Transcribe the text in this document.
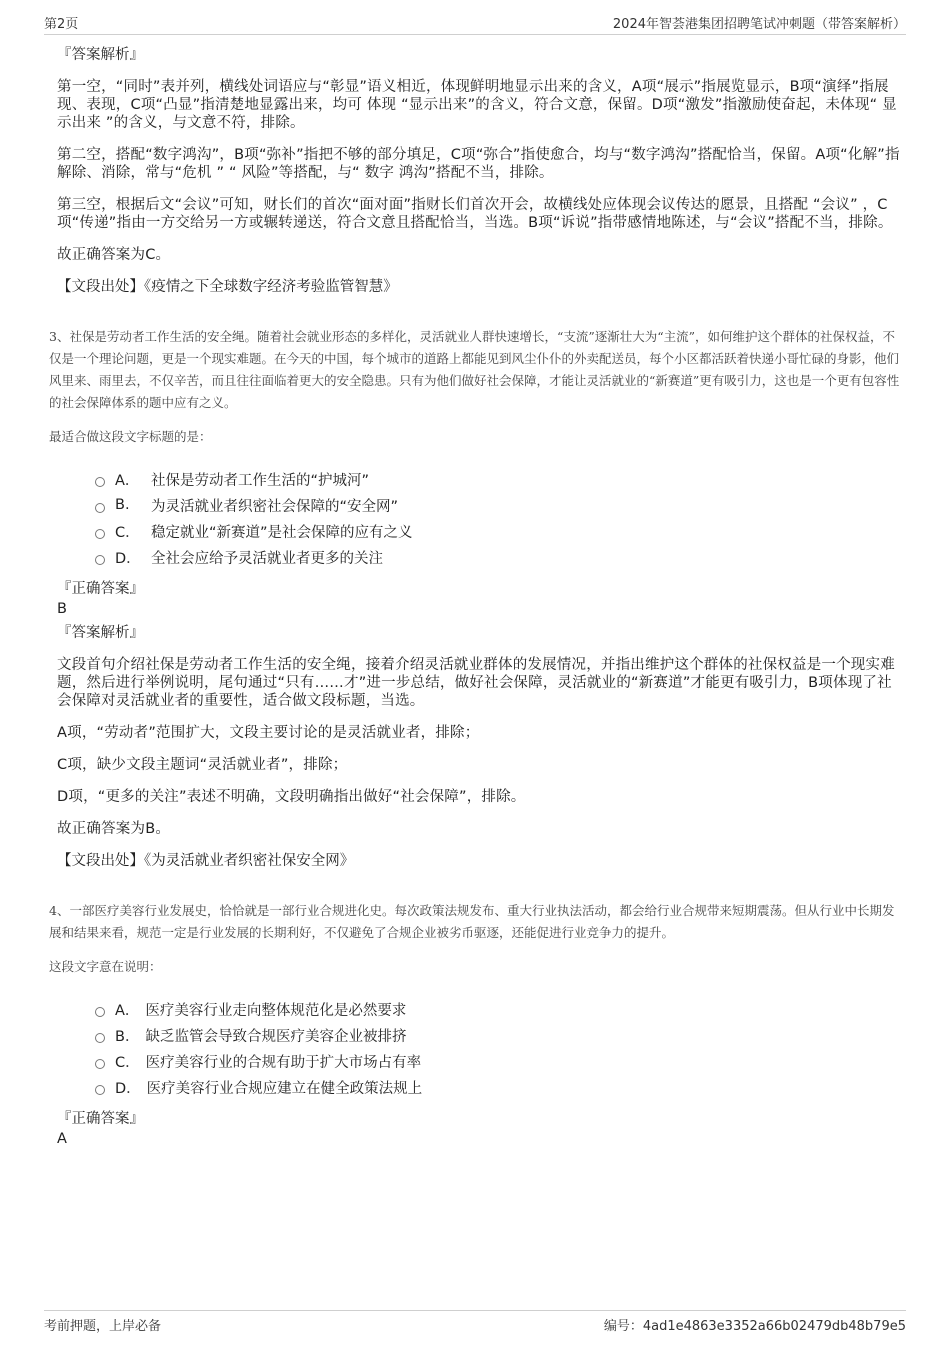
第2页	2024年智荟港集团招聘笔试冲刺题（带答案解析）

『答案解析』

第一空，“同时”表并列，横线处词语应与“彰显”语义相近，体现鲜明地显示出来的含义，A项“展示”指展览显示，B项“演绎”指展现、表现，C项“凸显”指清楚地显露出来，均可 体现 “显示出来”的含义，符合文意，保留。D项“激发”指激励使奋起，未体现“ 显示出来 ”的含义，与文意不符，排除。

第二空，搭配“数字鸿沟”，B项“弥补”指把不够的部分填足，C项“弥合”指使愈合，均与“数字鸿沟”搭配恰当，保留。A项“化解”指解除、消除，常与“危机 ” “ 风险”等搭配，与“ 数字 鸿沟”搭配不当，排除。

第三空，根据后文“会议”可知，财长们的首次“面对面”指财长们首次开会，故横线处应体现会议传达的愿景，且搭配 “会议” ，C项“传递”指由一方交给另一方或辗转递送，符合文意且搭配恰当，当选。B项“诉说”指带感情地陈述，与“会议”搭配不当，排除。

故正确答案为C。

【文段出处】《疫情之下全球数字经济考验监管智慧》

3、社保是劳动者工作生活的安全绳。随着社会就业形态的多样化，灵活就业人群快速增长，“支流”逐渐壮大为“主流”，如何维护这个群体的社保权益，不仅是一个理论问题，更是一个现实难题。在今天的中国，每个城市的道路上都能见到风尘仆仆的外卖配送员，每个小区都活跃着快递小哥忙碌的身影，他们风里来、雨里去，不仅辛苦，而且往往面临着更大的安全隐患。只有为他们做好社会保障，才能让灵活就业的“新赛道”更有吸引力，这也是一个更有包容性的社会保障体系的题中应有之义。

最适合做这段文字标题的是：

A． 社保是劳动者工作生活的“护城河”
B.	为灵活就业者织密社会保障的“安全网”
C． 稳定就业“新赛道”是社会保障的应有之义
D． 全社会应给予灵活就业者更多的关注

『正确答案』

B

『答案解析』

文段首句介绍社保是劳动者工作生活的安全绳，接着介绍灵活就业群体的发展情况，并指出维护这个群体的社保权益是一个现实难题，然后进行举例说明，尾句通过“只有……才”进一步总结，做好社会保障，灵活就业的“新赛道”才能更有吸引力，B项体现了社会保障对灵活就业者的重要性，适合做文段标题，当选。

A项，“劳动者”范围扩大，文段主要讨论的是灵活就业者，排除；

C项，缺少文段主题词“灵活就业者”，排除；

D项，“更多的关注”表述不明确，文段明确指出做好“社会保障”，排除。

故正确答案为B。

【文段出处】《为灵活就业者织密社保安全网》

4、一部医疗美容行业发展史，恰恰就是一部行业合规进化史。每次政策法规发布、重大行业执法活动，都会给行业合规带来短期震荡。但从行业中长期发展和结果来看，规范一定是行业发展的长期利好，不仅避免了合规企业被劣币驱逐，还能促进行业竞争力的提升。

这段文字意在说明：

A． 医疗美容行业走向整体规范化是必然要求
B． 缺乏监管会导致合规医疗美容企业被排挤
C． 医疗美容行业的合规有助于扩大市场占有率
D． 医疗美容行业合规应建立在健全政策法规上

『正确答案』

A

考前押题，上岸必备	编号：4ad1e4863e3352a66b02479db48b79e5
